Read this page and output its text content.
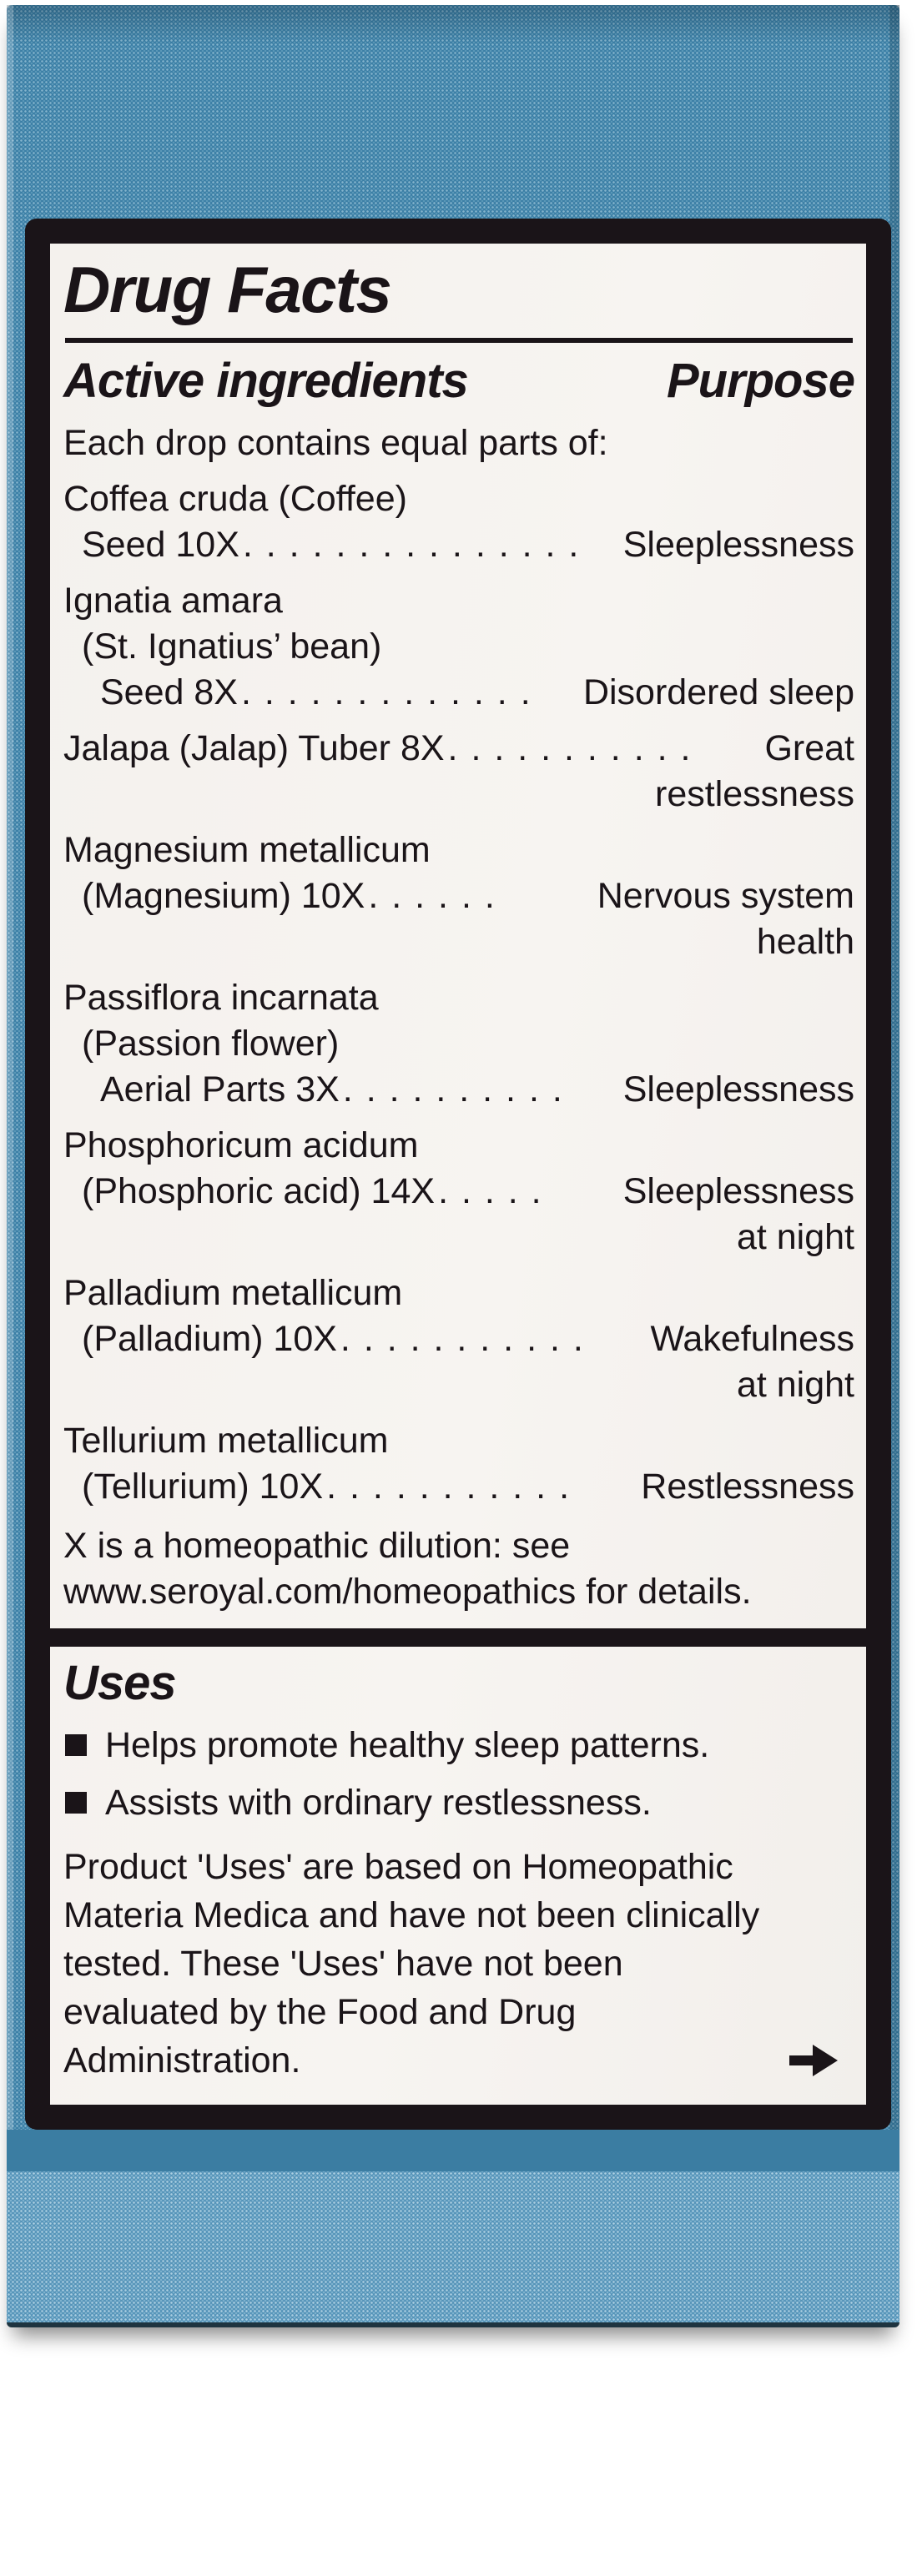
Drug Facts
Active ingredients	Purpose
Each drop contains equal parts of:
Coffea cruda (Coffee)
Seed 10X . . . . . . . . . . . . . . .	Sleeplessness
Ignatia amara
(St. Ignatius’ bean)
Seed 8X . . . . . . . . . . . . .	Disordered sleep
Jalapa (Jalap) Tuber 8X . . . . . . . . . . .	Great
restlessness
Magnesium metallicum
(Magnesium) 10X . . . . . .	Nervous system
health
Passiflora incarnata
(Passion flower)
Aerial Parts 3X . . . . . . . . . .	Sleeplessness
Phosphoricum acidum
(Phosphoric acid) 14X . . . . .	Sleeplessness
at night
Palladium metallicum
(Palladium) 10X . . . . . . . . . . .	Wakefulness
at night
Tellurium metallicum
(Tellurium) 10X . . . . . . . . . . .	Restlessness
X is a homeopathic dilution: see
www.seroyal.com/homeopathics for details.
Uses
Helps promote healthy sleep patterns.
Assists with ordinary restlessness.
Product 'Uses' are based on Homeopathic
Materia Medica and have not been clinically
tested. These 'Uses' have not been
evaluated by the Food and Drug
Administration.
